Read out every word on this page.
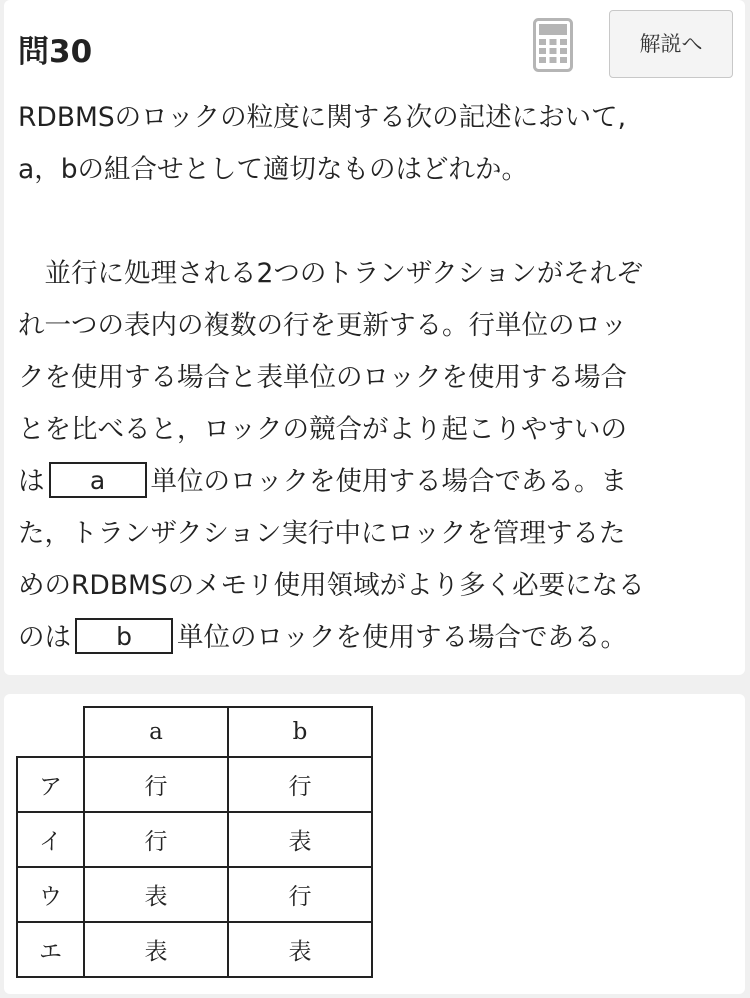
問30	解説へ
RDBMSのロックの粒度に関する次の記述において,
a，bの組合せとして適切なものはどれか。
　並行に処理される2つのトランザクションがそれぞ
れ一つの表内の複数の行を更新する。行単位のロッ
クを使用する場合と表単位のロックを使用する場合
とを比べると，ロックの競合がより起こりやすいの
は a 単位のロックを使用する場合である。ま
た，トランザクション実行中にロックを管理するた
めのRDBMSのメモリ使用領域がより多く必要になる
のは b 単位のロックを使用する場合である。
	a	b
ア	行	行
イ	行	表
ウ	表	行
エ	表	表
